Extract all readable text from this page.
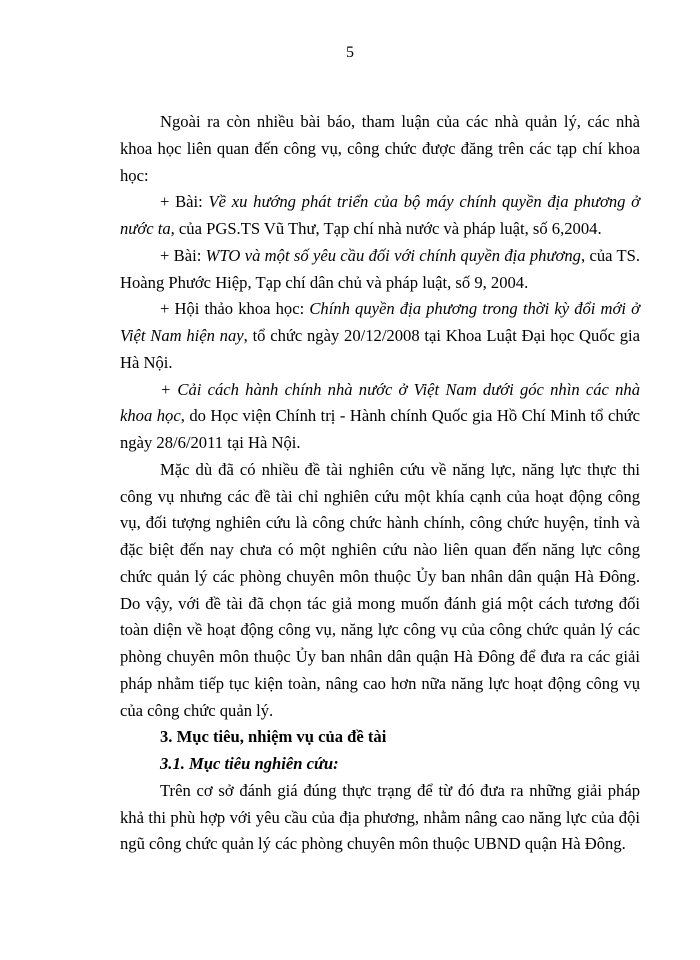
5

Ngoài ra còn nhiều bài báo, tham luận của các nhà quản lý, các nhà khoa học liên quan đến công vụ, công chức được đăng trên các tạp chí khoa học:

+ Bài: Về xu hướng phát triển của bộ máy chính quyền địa phương ở nước ta, của PGS.TS Vũ Thư, Tạp chí nhà nước và pháp luật, số 6,2004.

+ Bài: WTO và một số yêu cầu đối với chính quyền địa phương, của TS. Hoàng Phước Hiệp, Tạp chí dân chủ và pháp luật, số 9, 2004.

+ Hội thảo khoa học: Chính quyền địa phương trong thời kỳ đổi mới ở Việt Nam hiện nay, tổ chức ngày 20/12/2008 tại Khoa Luật Đại học Quốc gia Hà Nội.

+ Cải cách hành chính nhà nước ở Việt Nam dưới góc nhìn các nhà khoa học, do Học viện Chính trị - Hành chính Quốc gia Hồ Chí Minh tổ chức ngày 28/6/2011 tại Hà Nội.

Mặc dù đã có nhiều đề tài nghiên cứu về năng lực, năng lực thực thi công vụ nhưng các đề tài chỉ nghiên cứu một khía cạnh của hoạt động công vụ, đối tượng nghiên cứu là công chức hành chính, công chức huyện, tỉnh và đặc biệt đến nay chưa có một nghiên cứu nào liên quan đến năng lực công chức quản lý các phòng chuyên môn thuộc Ủy ban nhân dân quận Hà Đông. Do vậy, với đề tài đã chọn tác giả mong muốn đánh giá một cách tương đối toàn diện về hoạt động công vụ, năng lực công vụ của công chức quản lý các phòng chuyên môn thuộc Ủy ban nhân dân quận Hà Đông để đưa ra các giải pháp nhằm tiếp tục kiện toàn, nâng cao hơn nữa năng lực hoạt động công vụ của công chức quản lý.

3. Mục tiêu, nhiệm vụ của đề tài

3.1. Mục tiêu nghiên cứu:

Trên cơ sở đánh giá đúng thực trạng để từ đó đưa ra những giải pháp khả thi phù hợp với yêu cầu của địa phương, nhằm nâng cao năng lực của đội ngũ công chức quản lý các phòng chuyên môn thuộc UBND quận Hà Đông.
